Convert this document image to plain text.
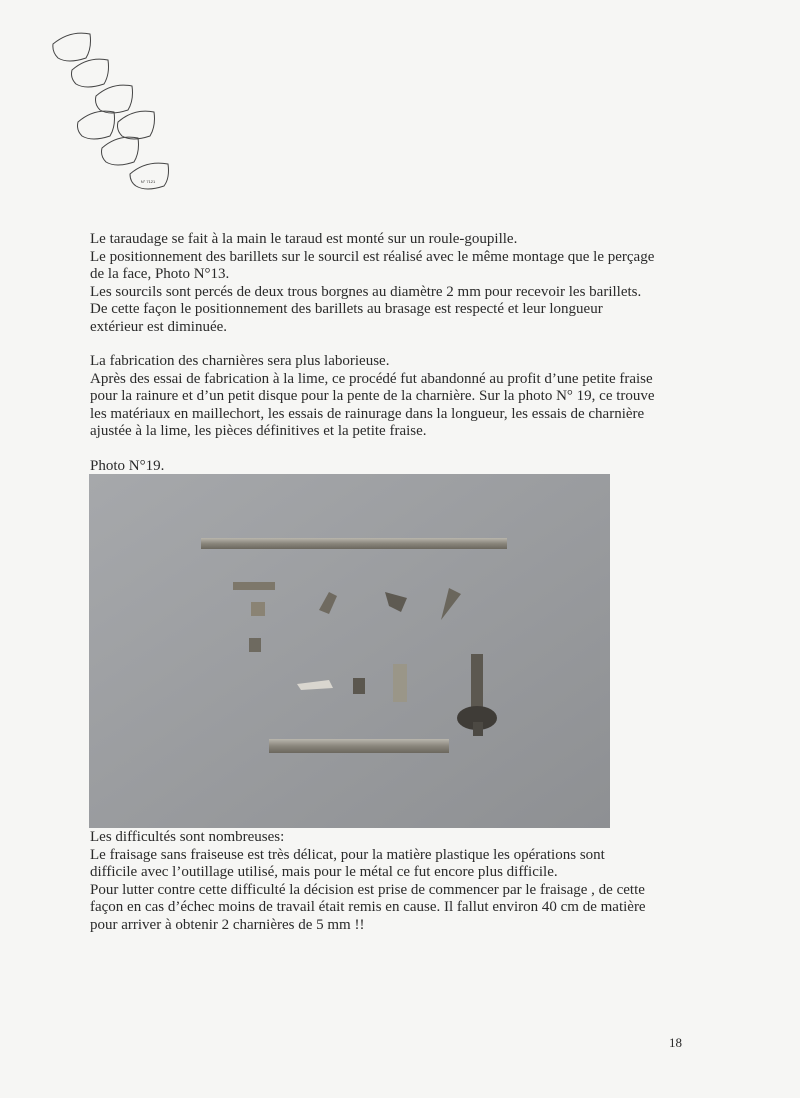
N° 7121

Le taraudage se fait à la main le taraud est monté sur un roule-goupille.
Le positionnement des barillets sur le sourcil est réalisé avec le même montage que le perçage
de la face, Photo N°13.
Les sourcils sont percés de deux trous borgnes au diamètre 2 mm pour recevoir les barillets.
De cette façon le positionnement des barillets au brasage est respecté et leur longueur
extérieur est diminuée.

La fabrication des charnières sera plus laborieuse.
Après des essai de fabrication à la lime, ce procédé fut abandonné au profit d’une petite fraise
pour la rainure et d’un petit disque pour la pente de la charnière. Sur la photo N° 19, ce trouve
les matériaux en maillechort, les essais de rainurage dans la longueur, les essais de charnière
ajustée à la lime, les pièces définitives et la petite fraise.

Photo N°19.

Les difficultés sont nombreuses:
Le fraisage sans fraiseuse est très délicat, pour la matière plastique les opérations sont
difficile avec l’outillage utilisé, mais pour le métal ce fut encore plus difficile.
Pour lutter contre cette difficulté la décision est prise de commencer par le fraisage , de cette
façon en cas d’échec moins de travail était remis en cause. Il fallut environ 40 cm de matière
pour arriver à obtenir 2 charnières de 5 mm !!

18
